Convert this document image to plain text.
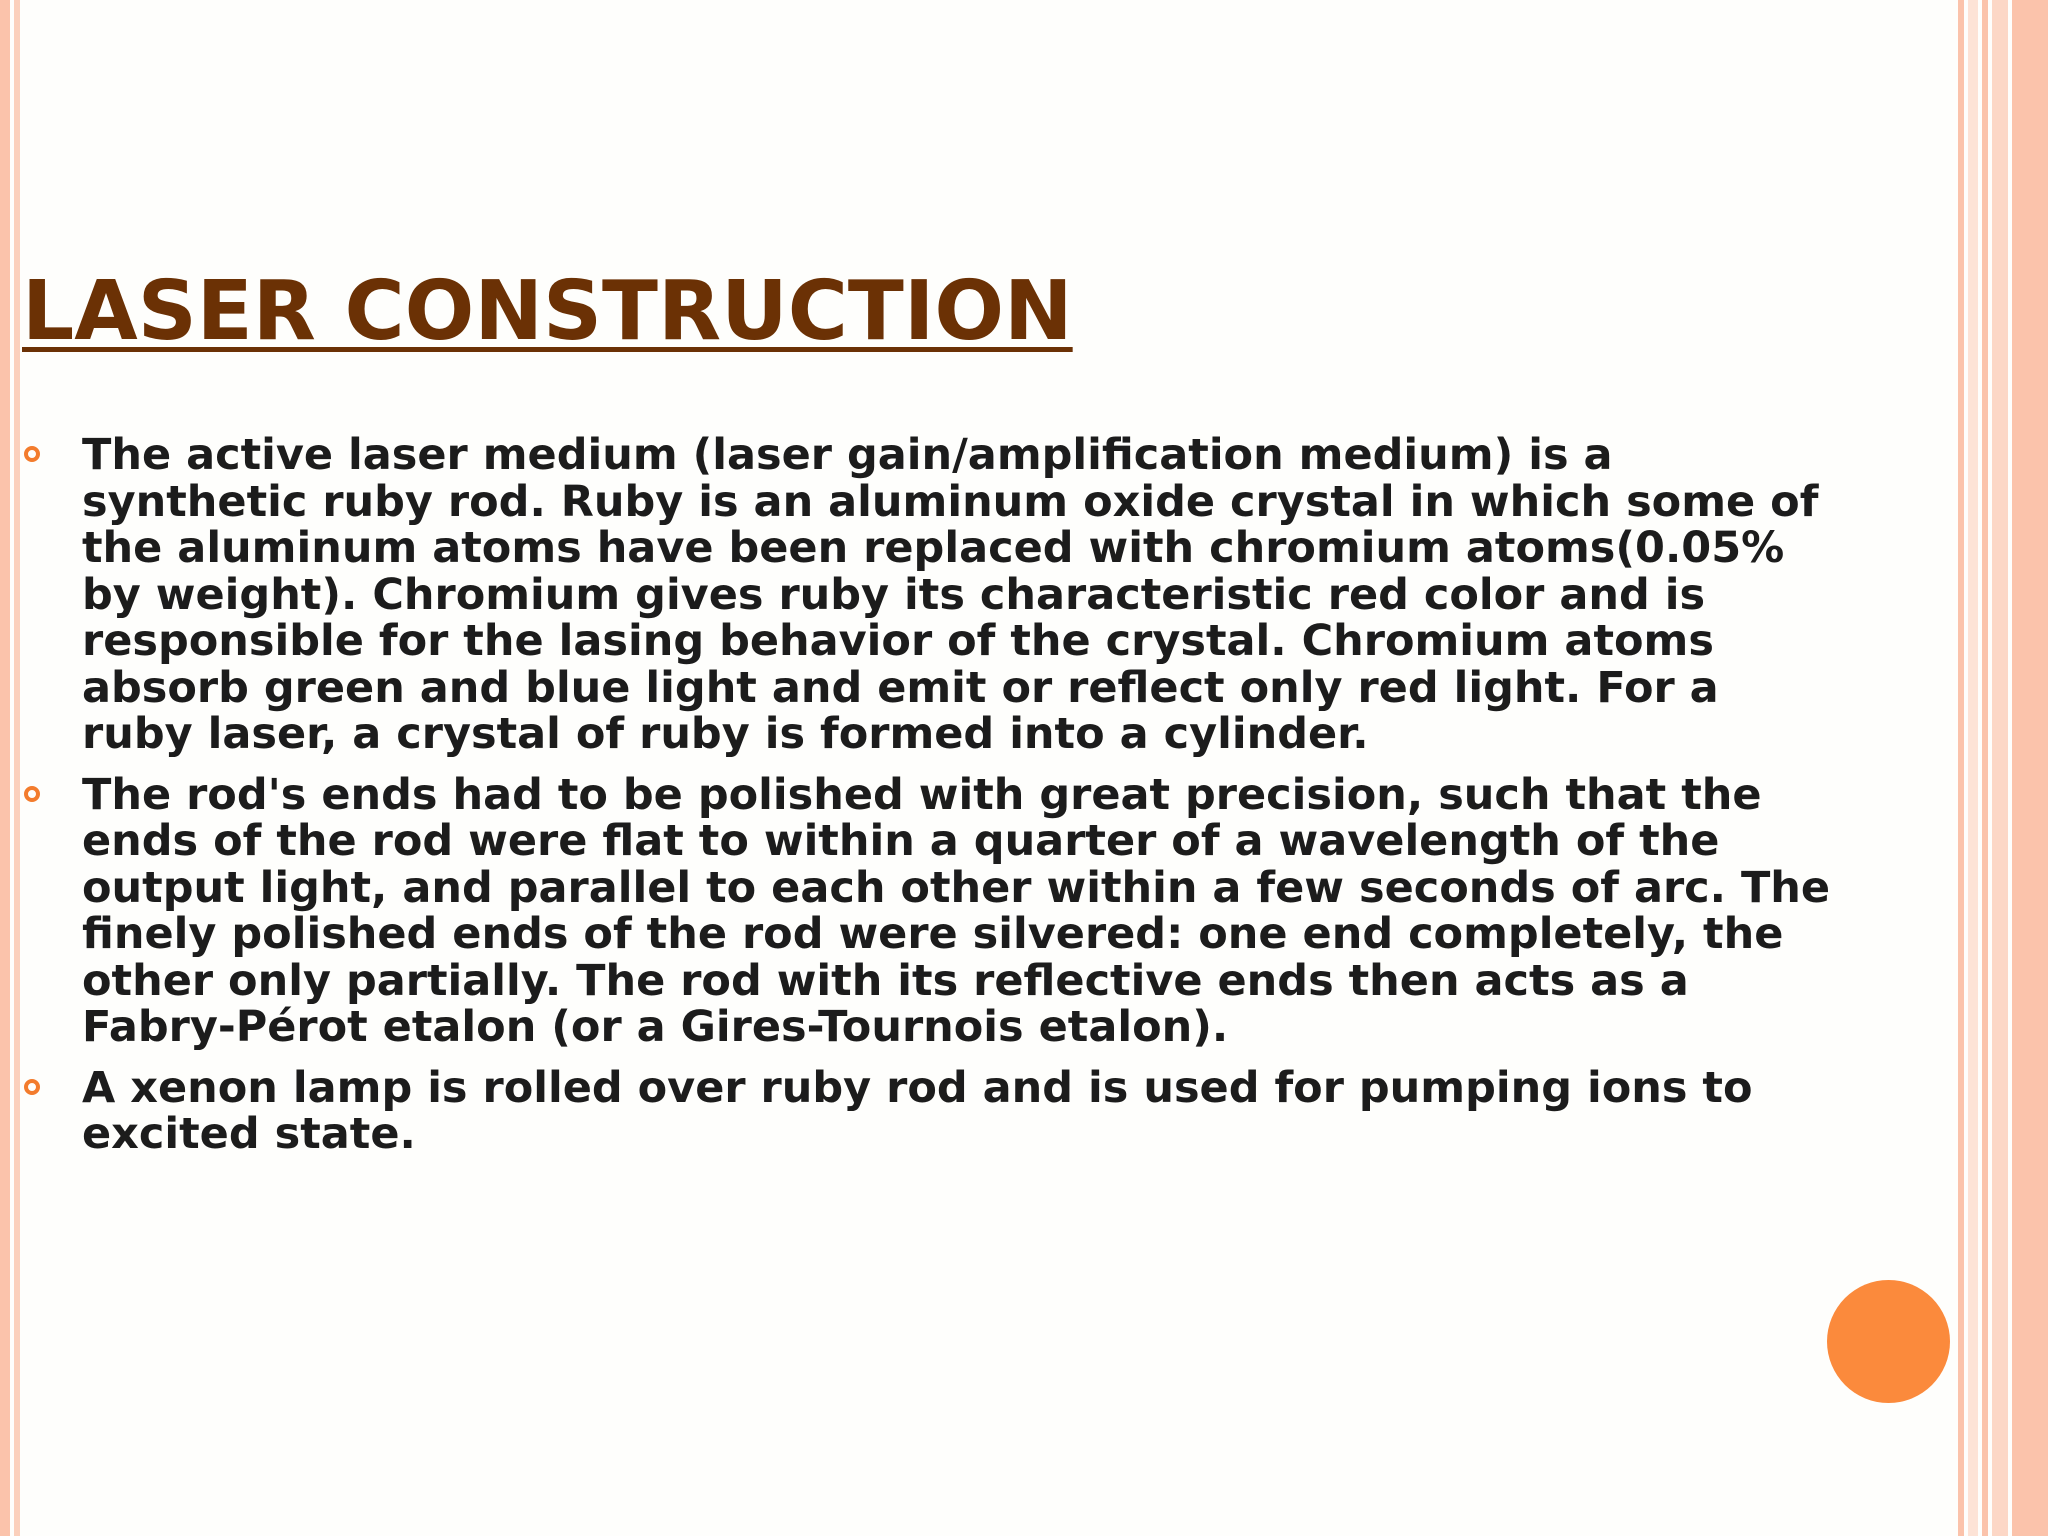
LASER CONSTRUCTION
The active laser medium (laser gain/amplification medium) is a synthetic ruby rod. Ruby is an aluminum oxide crystal in which some of the aluminum atoms have been replaced with chromium atoms(0.05% by weight). Chromium gives ruby its characteristic red color and is responsible for the lasing behavior of the crystal. Chromium atoms absorb green and blue light and emit or reflect only red light. For a ruby laser, a crystal of ruby is formed into a cylinder.
The rod's ends had to be polished with great precision, such that the ends of the rod were flat to within a quarter of a wavelength of the output light, and parallel to each other within a few seconds of arc. The finely polished ends of the rod were silvered: one end completely, the other only partially. The rod with its reflective ends then acts as a Fabry-Pérot etalon (or a Gires-Tournois etalon).
A xenon lamp is rolled over ruby rod and is used for pumping ions to excited state.
